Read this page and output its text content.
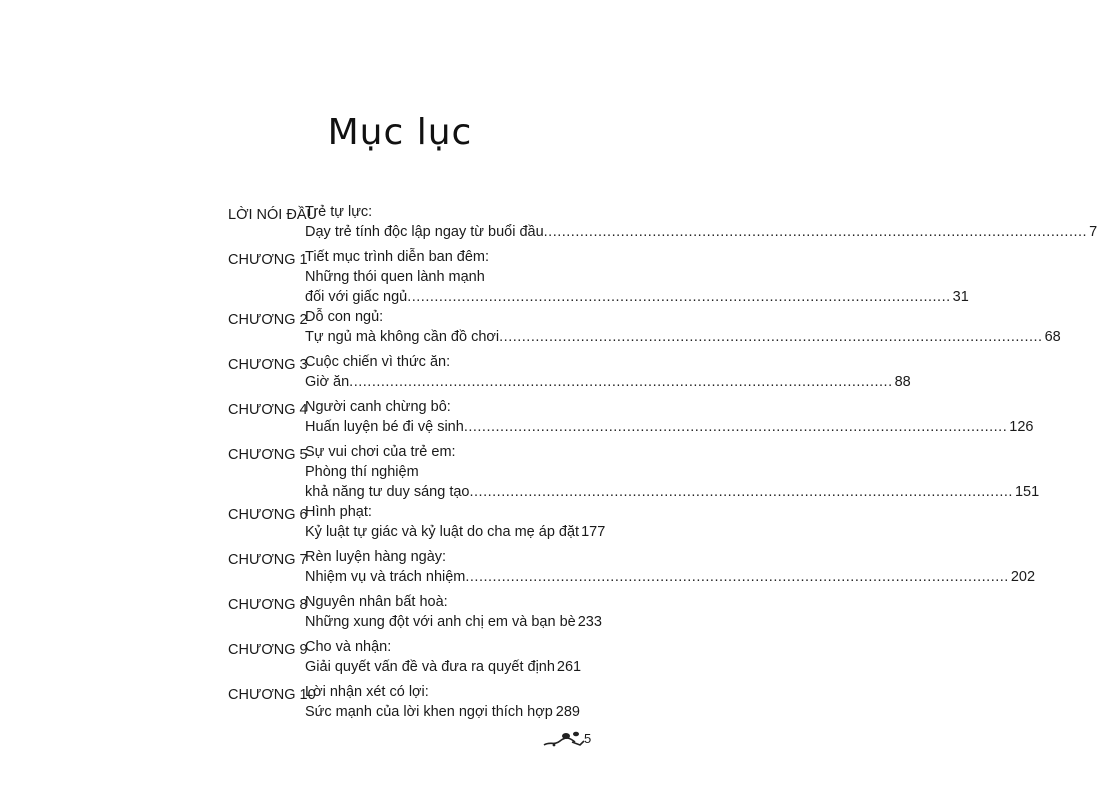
Mục lục
LỜI NÓI ĐẦU
Trẻ tự lực:
Dạy trẻ tính độc lập ngay từ buổi đầu ........................................................................................................................ 7
CHƯƠNG 1
Tiết mục trình diễn ban đêm:
Những thói quen lành mạnh
đối với giấc ngủ ........................................................................................................................ 31
CHƯƠNG 2
Dỗ con ngủ:
Tự ngủ mà không cần đồ chơi ........................................................................................................................ 68
CHƯƠNG 3
Cuộc chiến vì thức ăn:
Giờ ăn ........................................................................................................................ 88
CHƯƠNG 4
Người canh chừng bô:
Huấn luyện bé đi vệ sinh ........................................................................................................................ 126
CHƯƠNG 5
Sự vui chơi của trẻ em:
Phòng thí nghiệm
khả năng tư duy sáng tạo ........................................................................................................................ 151
CHƯƠNG 6
Hình phạt:
Kỷ luật tự giác và kỷ luật do cha mẹ áp đặt 177
CHƯƠNG 7
Rèn luyện hàng ngày:
Nhiệm vụ và trách nhiệm ........................................................................................................................ 202
CHƯƠNG 8
Nguyên nhân bất hoà:
Những xung đột với anh chị em và bạn bè 233
CHƯƠNG 9
Cho và nhận:
Giải quyết vấn đề và đưa ra quyết định 261
CHƯƠNG 10
Lời nhận xét có lợi:
Sức mạnh của lời khen ngợi thích hợp 289
5
